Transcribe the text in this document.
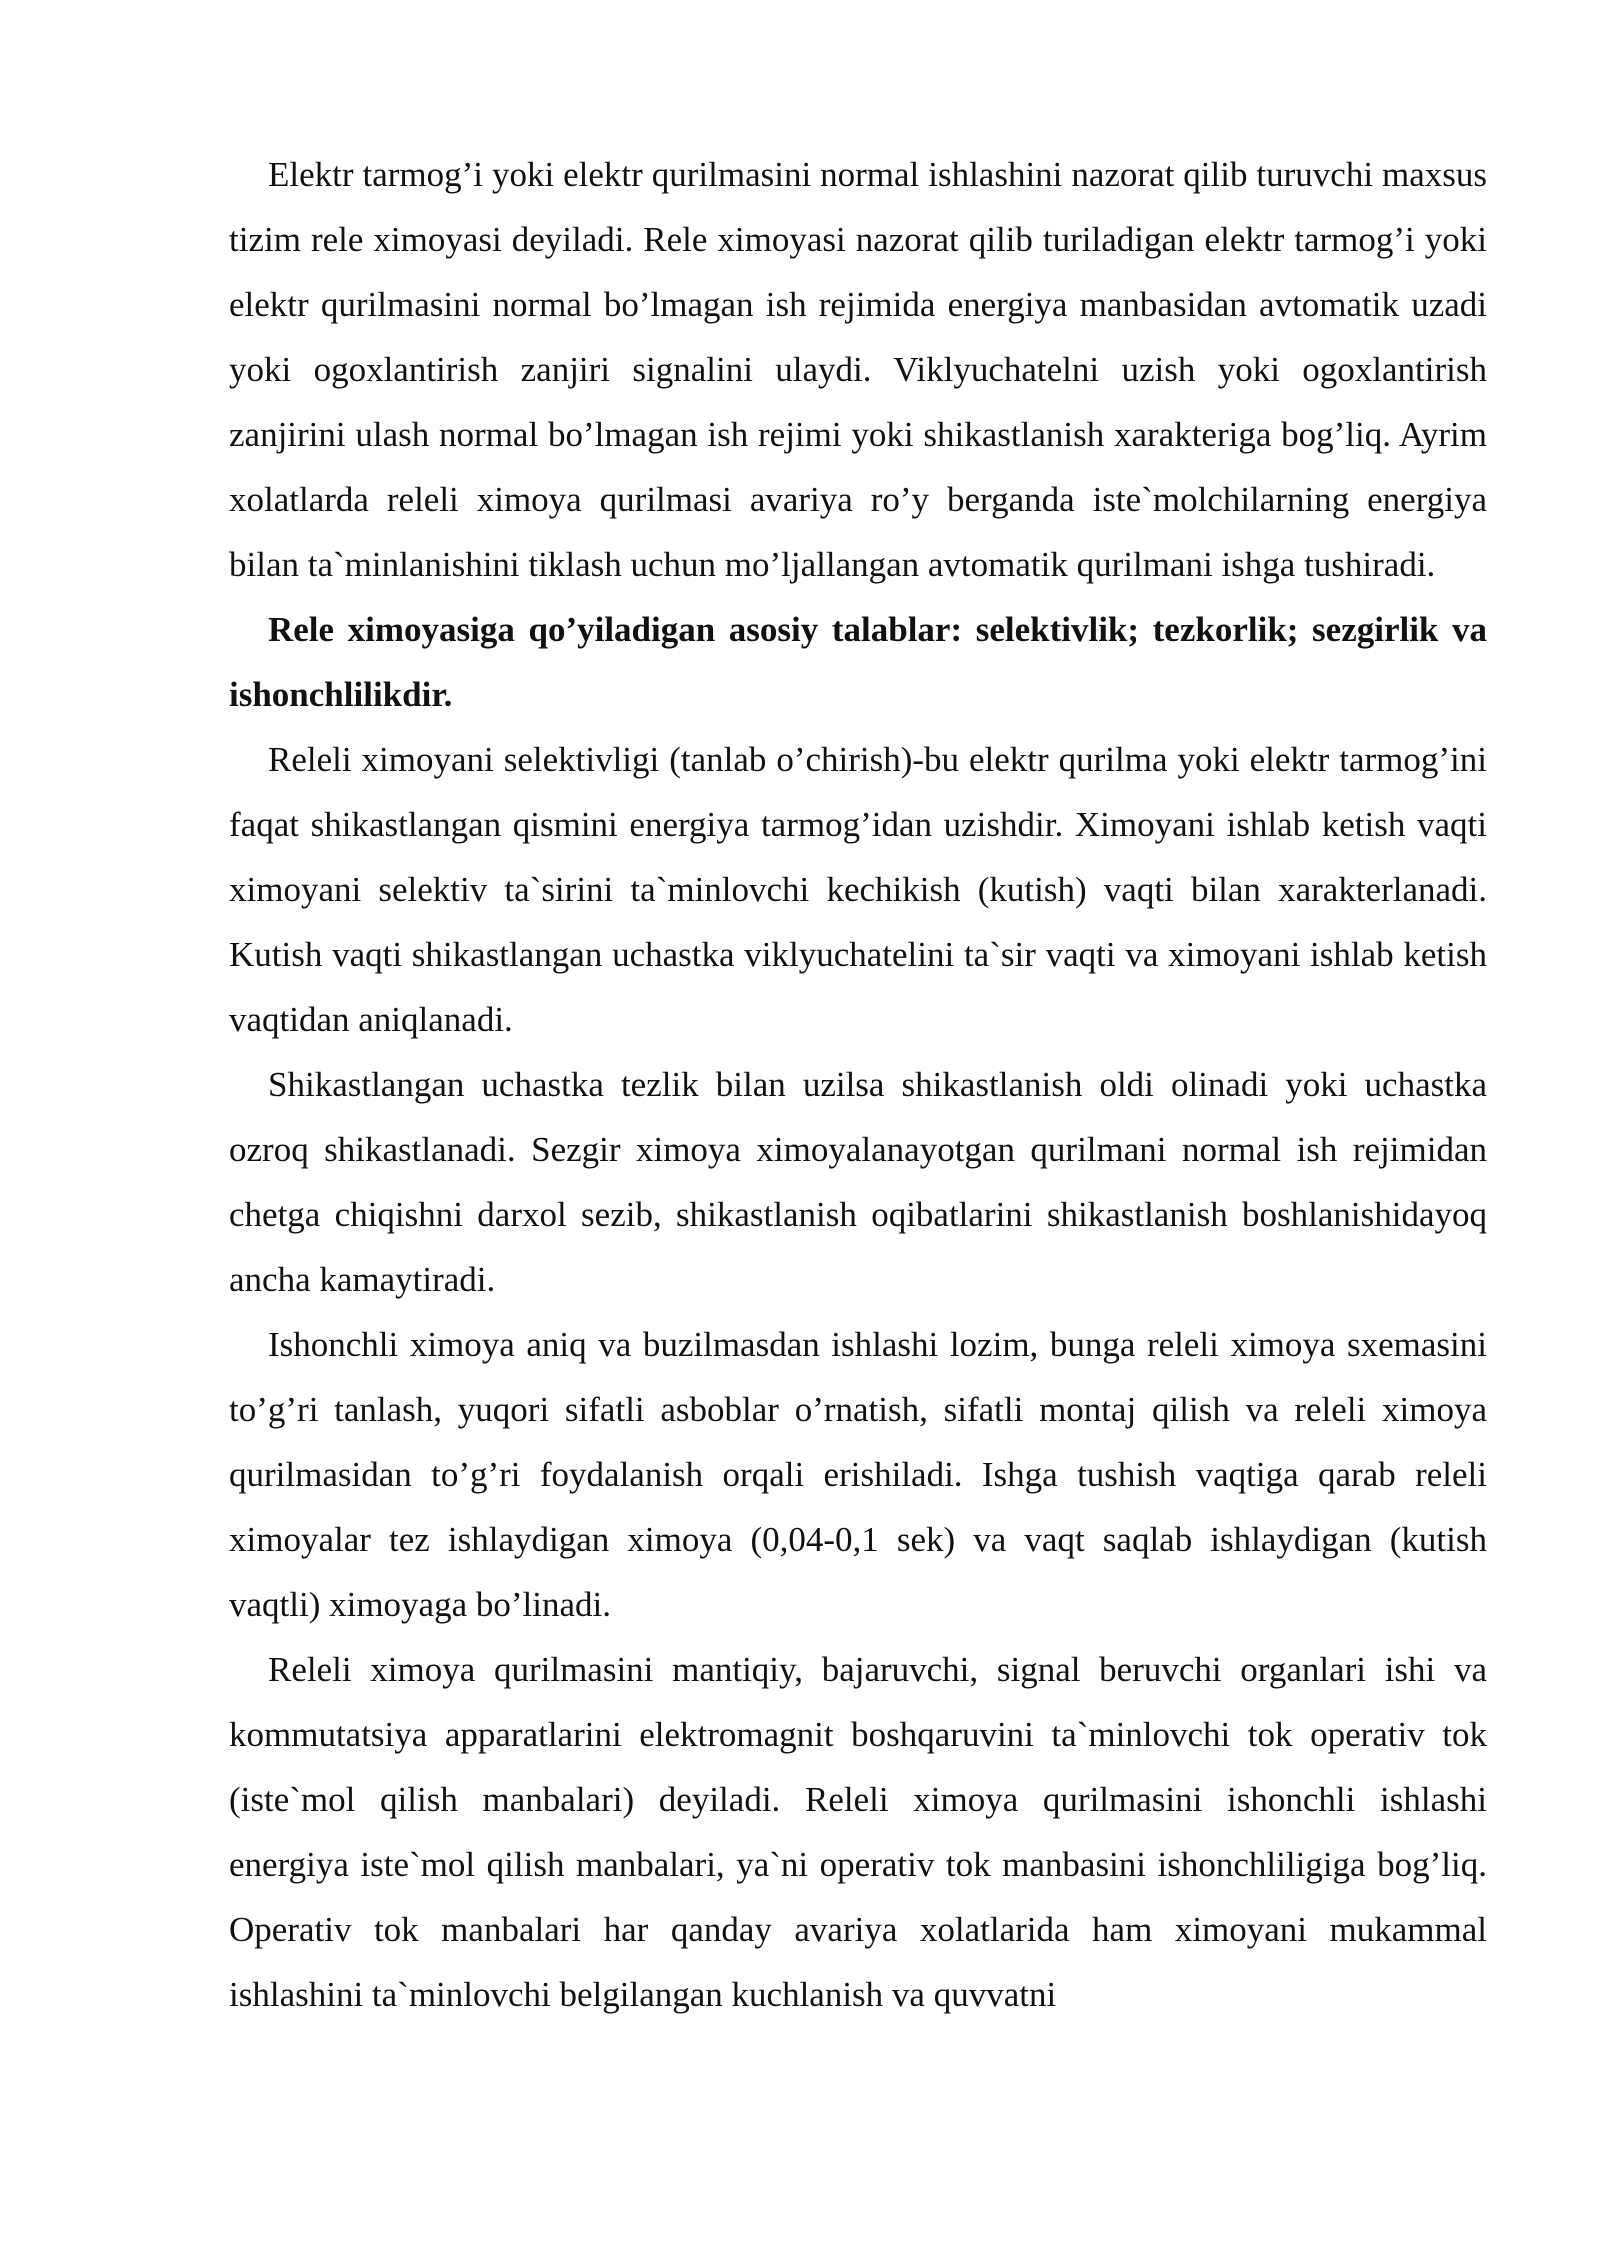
Elektr tarmog’i yoki elektr qurilmasini normal ishlashini nazorat qilib turuvchi maxsus tizim rele ximoyasi deyiladi. Rele ximoyasi nazorat qilib turiladigan elektr tarmog’i yoki elektr qurilmasini normal bo’lmagan ish rejimida energiya manbasidan avtomatik uzadi yoki ogoxlantirish zanjiri signalini ulaydi. Viklyuchatelni uzish yoki ogoxlantirish zanjirini ulash normal bo’lmagan ish rejimi yoki shikastlanish xarakteriga bog’liq. Ayrim xolatlarda releli ximoya qurilmasi avariya ro’y berganda iste`molchilarning energiya bilan ta`minlanishini tiklash uchun mo’ljallangan avtomatik qurilmani ishga tushiradi.

Rele ximoyasiga qo’yiladigan asosiy talablar: selektivlik; tezkorlik; sezgirlik va ishonchlilikdir.

Releli ximoyani selektivligi (tanlab o’chirish)-bu elektr qurilma yoki elektr tarmog’ini faqat shikastlangan qismini energiya tarmog’idan uzishdir. Ximoyani ishlab ketish vaqti ximoyani selektiv ta`sirini ta`minlovchi kechikish (kutish) vaqti bilan xarakterlanadi. Kutish vaqti shikastlangan uchastka viklyuchatelini ta`sir vaqti va ximoyani ishlab ketish vaqtidan aniqlanadi.

Shikastlangan uchastka tezlik bilan uzilsa shikastlanish oldi olinadi yoki uchastka ozroq shikastlanadi. Sezgir ximoya ximoyalanayotgan qurilmani normal ish rejimidan chetga chiqishni darxol sezib, shikastlanish oqibatlarini shikastlanish boshlanishidayoq ancha kamaytiradi.

Ishonchli ximoya aniq va buzilmasdan ishlashi lozim, bunga releli ximoya sxemasini to’g’ri tanlash, yuqori sifatli asboblar o’rnatish, sifatli montaj qilish va releli ximoya qurilmasidan to’g’ri foydalanish orqali erishiladi. Ishga tushish vaqtiga qarab releli ximoyalar tez ishlaydigan ximoya (0,04-0,1 sek) va vaqt saqlab ishlaydigan (kutish vaqtli) ximoyaga bo’linadi.

Releli ximoya qurilmasini mantiqiy, bajaruvchi, signal beruvchi organlari ishi va kommutatsiya apparatlarini elektromagnit boshqaruvini ta`minlovchi tok operativ tok (iste`mol qilish manbalari) deyiladi. Releli ximoya qurilmasini ishonchli ishlashi energiya iste`mol qilish manbalari, ya`ni operativ tok manbasini ishonchliligiga bog’liq. Operativ tok manbalari har qanday avariya xolatlarida ham ximoyani mukammal ishlashini ta`minlovchi belgilangan kuchlanish va quvvatni
